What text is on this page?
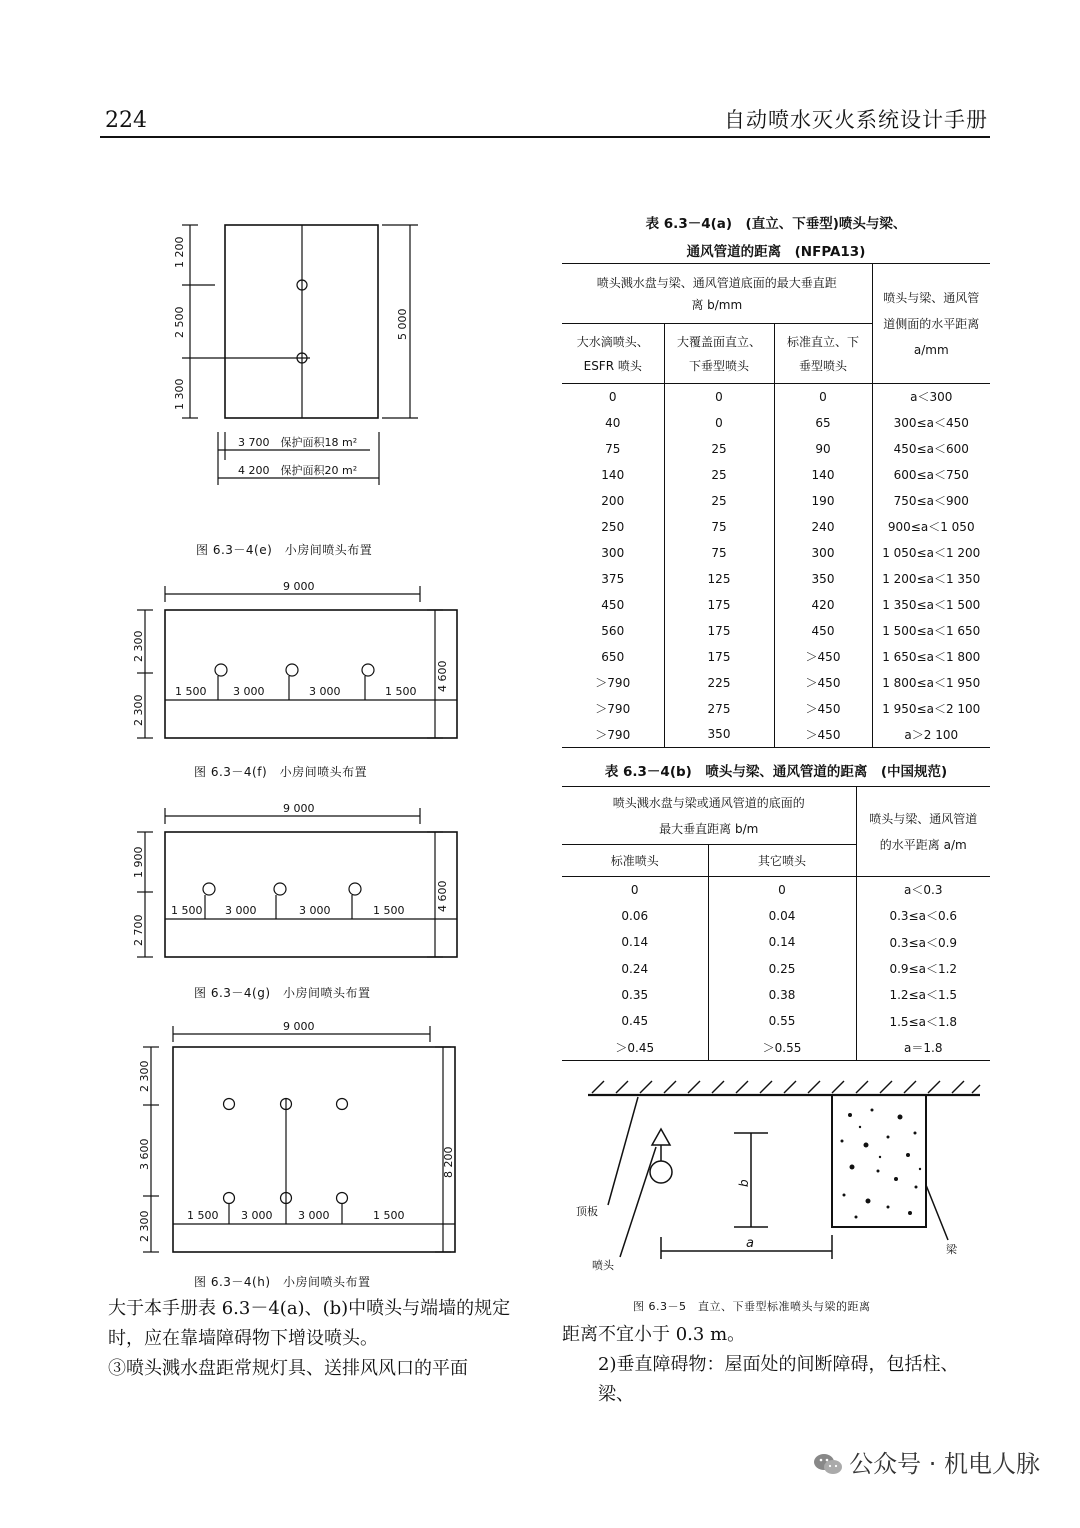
224	自动喷水灭火系统设计手册
1 200
2 500
1 300
5 000
3 700　保护面积18 m²
4 200　保护面积20 m²
图 6.3－4(e)　小房间喷头布置
9 000
2 300
2 300
4 600
1 500 3 000	3 000	1 500
图 6.3－4(f)　小房间喷头布置
9 000
1 900
2 700
4 600
1 500 3 000	3 000	1 500
图 6.3－4(g)　小房间喷头布置
9 000
2 300
3 600
2 300
8 200
1 500 3 000 3 000	1 500
图 6.3－4(h)　小房间喷头布置
大于本手册表 6.3－4(a)、(b)中喷头与端墙的规定
时，应在靠墙障碍物下增设喷头。
③喷头溅水盘距常规灯具、送排风风口的平面
表 6.3－4(a)　(直立、下垂型)喷头与梁、
通风管道的距离　(NFPA13)
喷头溅水盘与梁、通风管道底面的最大垂直距离 b/mm			喷头与梁、通风管道侧面的水平距离 a/mm
大水滴喷头、ESFR 喷头	大覆盖面直立、下垂型喷头	标准直立、下垂型喷头	
0	0	0	a＜300
40	0	65	300≤a＜450
75	25	90	450≤a＜600
140	25	140	600≤a＜750
200	25	190	750≤a＜900
250	75	240	900≤a＜1 050
300	75	300	1 050≤a＜1 200
375	125	350	1 200≤a＜1 350
450	175	420	1 350≤a＜1 500
560	175	450	1 500≤a＜1 650
650	175	＞450	1 650≤a＜1 800
＞790	225	＞450	1 800≤a＜1 950
＞790	275	＞450	1 950≤a＜2 100
＞790	350	＞450	a＞2 100
表 6.3－4(b)　喷头与梁、通风管道的距离　(中国规范)
喷头溅水盘与梁或通风管道的底面的最大垂直距离 b/m		喷头与梁、通风管道的水平距离 a/m
标准喷头	其它喷头	
0	0	a＜0.3
0.06	0.04	0.3≤a＜0.6
0.14	0.14	0.3≤a＜0.9
0.24	0.25	0.9≤a＜1.2
0.35	0.38	1.2≤a＜1.5
0.45	0.55	1.5≤a＜1.8
＞0.45	＞0.55	a＝1.8
b
a
顶板
喷头
梁
图 6.3－5　直立、下垂型标准喷头与梁的距离
距离不宜小于 0.3 m。
2)垂直障碍物：屋面处的间断障碍，包括柱、梁、
公众号 · 机电人脉
